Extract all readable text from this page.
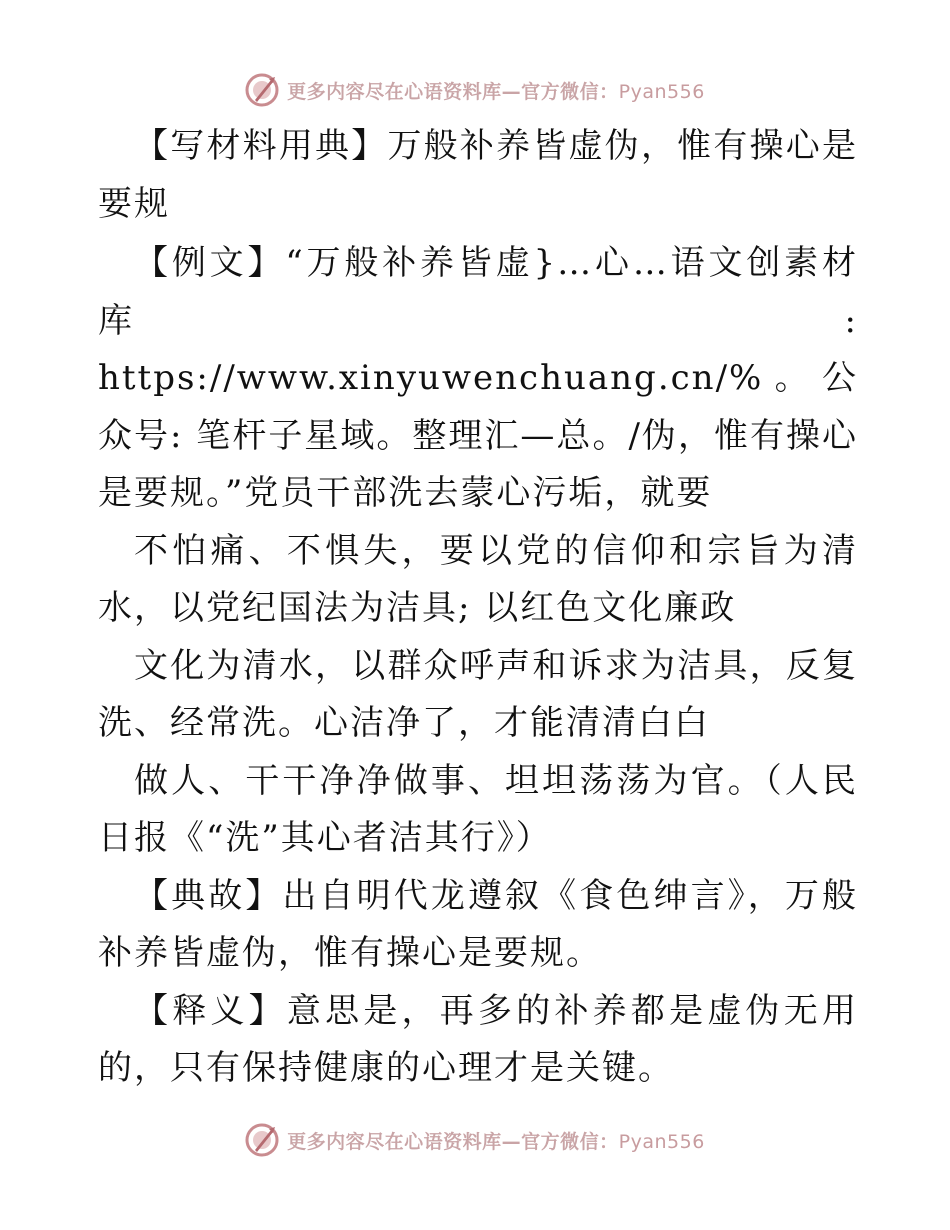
更多内容尽在心语资料库—官方微信：Pyan556

【写材料用典】万般补养皆虚伪，惟有操心是要规

【例文】“万般补养皆虚}…心…语文创素材库: https://www.xinyuwenchuang.cn/%。公众号: 笔杆子星域。整理汇—总。/伪，惟有操心是要规。”党员干部洗去蒙心污垢，就要

不怕痛、不惧失，要以党的信仰和宗旨为清水，以党纪国法为洁具; 以红色文化廉政

文化为清水，以群众呼声和诉求为洁具，反复洗、经常洗。心洁净了，才能清清白白

做人、干干净净做事、坦坦荡荡为官。（人民日报《“洗”其心者洁其行》）

【典故】出自明代龙遵叙《食色绅言》，万般补养皆虚伪，惟有操心是要规。

【释义】意思是，再多的补养都是虚伪无用的，只有保持健康的心理才是关键。

更多内容尽在心语资料库—官方微信：Pyan556
